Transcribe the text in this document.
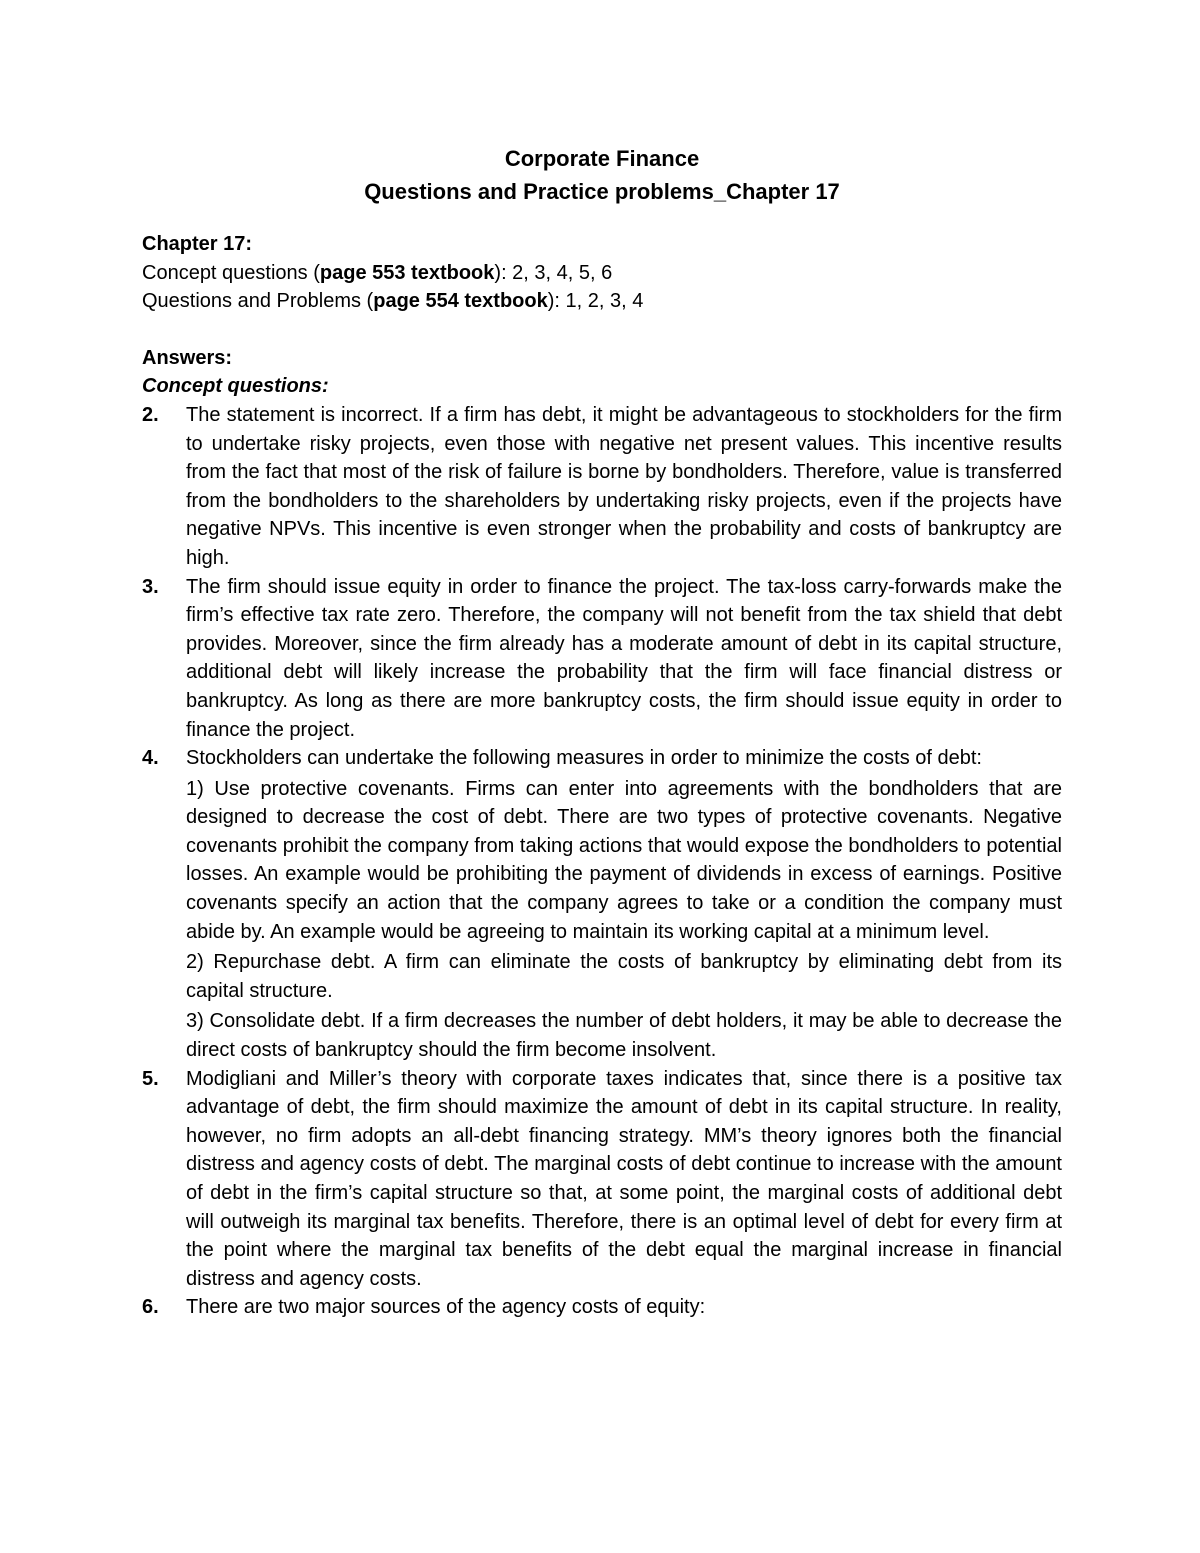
Corporate Finance
Questions and Practice problems_Chapter 17
Chapter 17:
Concept questions (page 553 textbook): 2, 3, 4, 5, 6
Questions and Problems (page 554 textbook): 1, 2, 3, 4
Answers:
Concept questions:
2. The statement is incorrect. If a firm has debt, it might be advantageous to stockholders for the firm to undertake risky projects, even those with negative net present values. This incentive results from the fact that most of the risk of failure is borne by bondholders. Therefore, value is transferred from the bondholders to the shareholders by undertaking risky projects, even if the projects have negative NPVs. This incentive is even stronger when the probability and costs of bankruptcy are high.
3. The firm should issue equity in order to finance the project. The tax-loss carry-forwards make the firm’s effective tax rate zero. Therefore, the company will not benefit from the tax shield that debt provides. Moreover, since the firm already has a moderate amount of debt in its capital structure, additional debt will likely increase the probability that the firm will face financial distress or bankruptcy. As long as there are more bankruptcy costs, the firm should issue equity in order to finance the project.
4. Stockholders can undertake the following measures in order to minimize the costs of debt:
1) Use protective covenants. Firms can enter into agreements with the bondholders that are designed to decrease the cost of debt. There are two types of protective covenants. Negative covenants prohibit the company from taking actions that would expose the bondholders to potential losses. An example would be prohibiting the payment of dividends in excess of earnings. Positive covenants specify an action that the company agrees to take or a condition the company must abide by. An example would be agreeing to maintain its working capital at a minimum level.
2) Repurchase debt. A firm can eliminate the costs of bankruptcy by eliminating debt from its capital structure.
3) Consolidate debt. If a firm decreases the number of debt holders, it may be able to decrease the direct costs of bankruptcy should the firm become insolvent.
5. Modigliani and Miller’s theory with corporate taxes indicates that, since there is a positive tax advantage of debt, the firm should maximize the amount of debt in its capital structure. In reality, however, no firm adopts an all-debt financing strategy. MM’s theory ignores both the financial distress and agency costs of debt. The marginal costs of debt continue to increase with the amount of debt in the firm’s capital structure so that, at some point, the marginal costs of additional debt will outweigh its marginal tax benefits. Therefore, there is an optimal level of debt for every firm at the point where the marginal tax benefits of the debt equal the marginal increase in financial distress and agency costs.
6. There are two major sources of the agency costs of equity:
